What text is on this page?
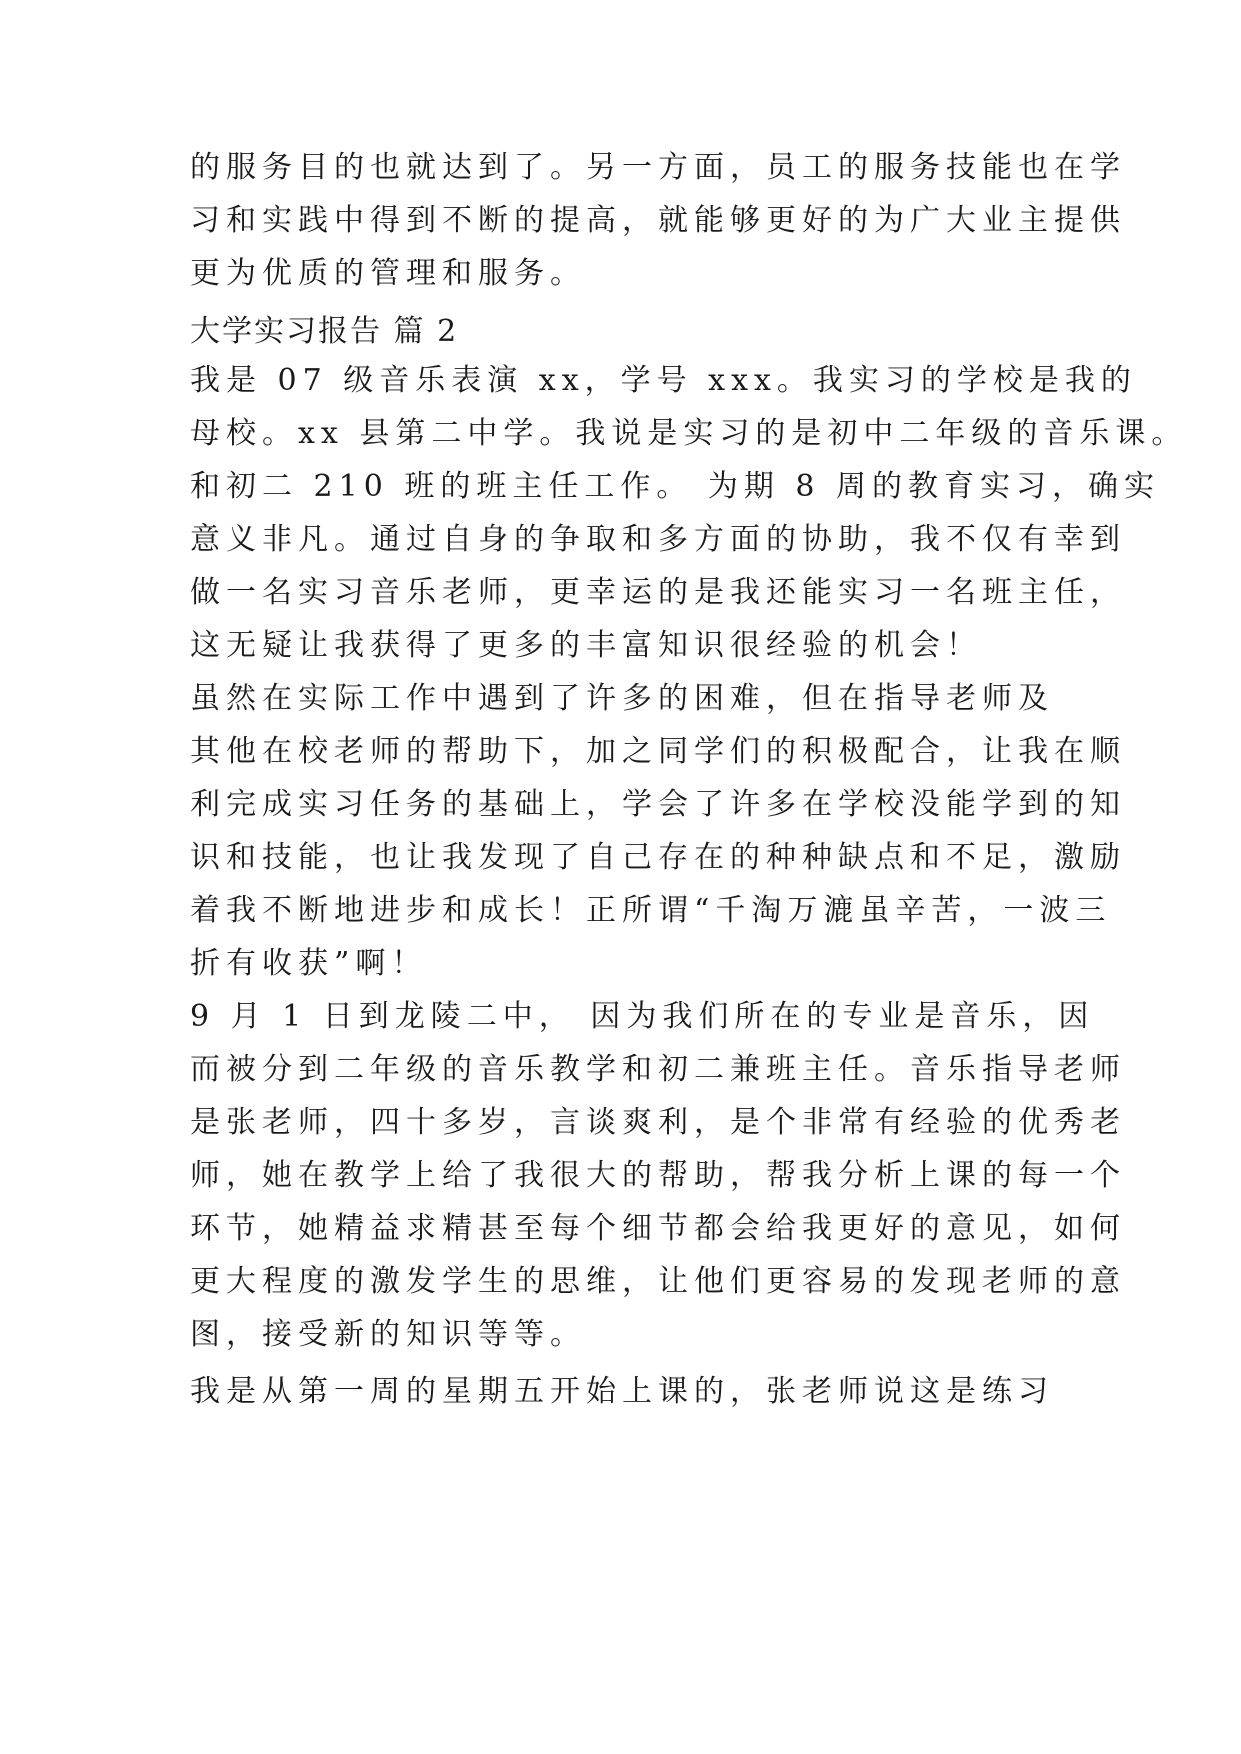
的服务目的也就达到了。另一方面，员工的服务技能也在学
习和实践中得到不断的提高，就能够更好的为广大业主提供
更为优质的管理和服务。
大学实习报告 篇 2
我是 07 级音乐表演 xx，学号 xxx。我实习的学校是我的
母校。xx 县第二中学。我说是实习的是初中二年级的音乐课。
和初二 210 班的班主任工作。 为期 8 周的教育实习，确实
意义非凡。通过自身的争取和多方面的协助，我不仅有幸到
做一名实习音乐老师，更幸运的是我还能实习一名班主任，
这无疑让我获得了更多的丰富知识很经验的机会！
虽然在实际工作中遇到了许多的困难，但在指导老师及
其他在校老师的帮助下，加之同学们的积极配合，让我在顺
利完成实习任务的基础上，学会了许多在学校没能学到的知
识和技能，也让我发现了自己存在的种种缺点和不足，激励
着我不断地进步和成长！正所谓“千淘万漉虽辛苦，一波三
折有收获”啊！
9 月 1 日到龙陵二中， 因为我们所在的专业是音乐，因
而被分到二年级的音乐教学和初二兼班主任。音乐指导老师
是张老师，四十多岁，言谈爽利，是个非常有经验的优秀老
师，她在教学上给了我很大的帮助，帮我分析上课的每一个
环节，她精益求精甚至每个细节都会给我更好的意见，如何
更大程度的激发学生的思维，让他们更容易的发现老师的意
图，接受新的知识等等。
我是从第一周的星期五开始上课的，张老师说这是练习
